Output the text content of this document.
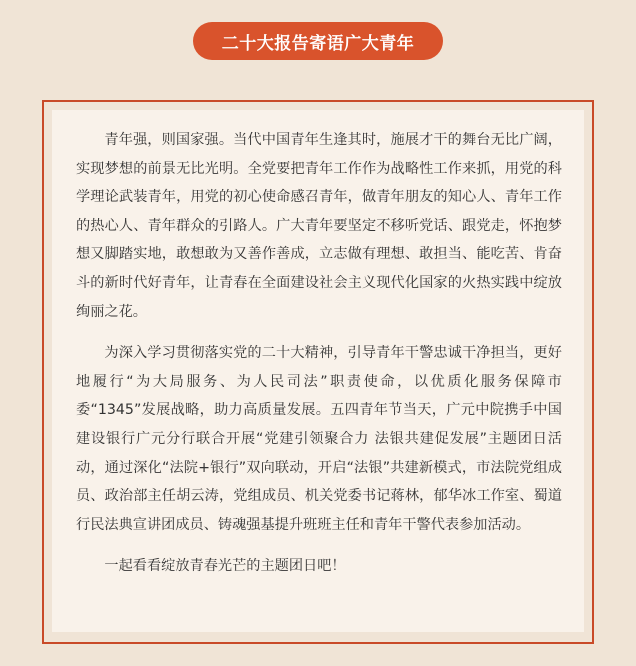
二十大报告寄语广大青年

青年强，则国家强。当代中国青年生逢其时，施展才干的舞台无比广阔，实现梦想的前景无比光明。全党要把青年工作作为战略性工作来抓，用党的科学理论武装青年，用党的初心使命感召青年，做青年朋友的知心人、青年工作的热心人、青年群众的引路人。广大青年要坚定不移听党话、跟党走，怀抱梦想又脚踏实地，敢想敢为又善作善成，立志做有理想、敢担当、能吃苦、肯奋斗的新时代好青年，让青春在全面建设社会主义现代化国家的火热实践中绽放绚丽之花。

为深入学习贯彻落实党的二十大精神，引导青年干警忠诚干净担当，更好地履行“为大局服务、为人民司法”职责使命，以优质化服务保障市委“1345”发展战略，助力高质量发展。五四青年节当天，广元中院携手中国建设银行广元分行联合开展“党建引领聚合力 法银共建促发展”主题团日活动，通过深化“法院+银行”双向联动，开启“法银”共建新模式，市法院党组成员、政治部主任胡云涛，党组成员、机关党委书记蒋林，郁华冰工作室、蜀道行民法典宣讲团成员、铸魂强基提升班班主任和青年干警代表参加活动。

一起看看绽放青春光芒的主题团日吧！
